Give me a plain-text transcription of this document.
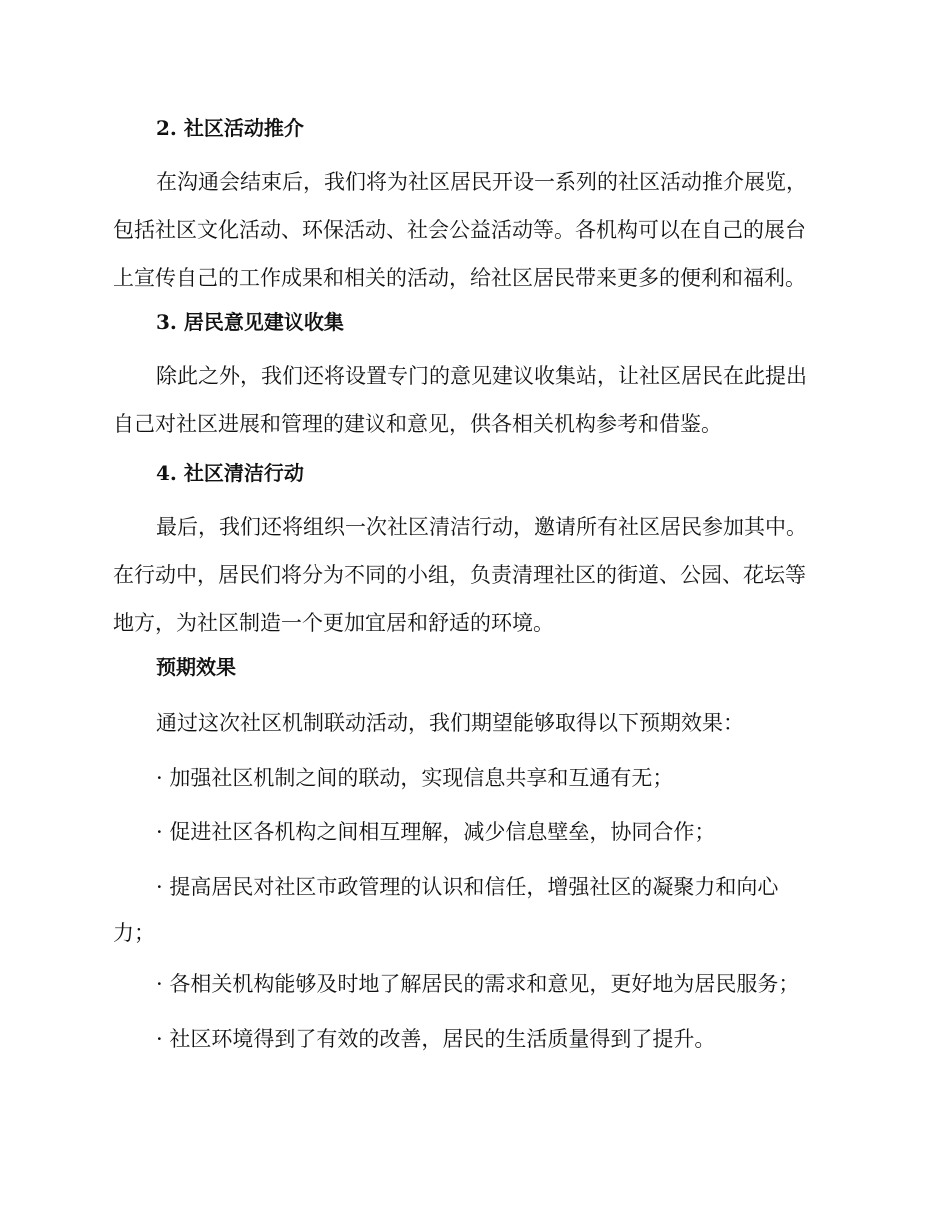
2. 社区活动推介
在沟通会结束后，我们将为社区居民开设一系列的社区活动推介展览，
包括社区文化活动、环保活动、社会公益活动等。各机构可以在自己的展台
上宣传自己的工作成果和相关的活动，给社区居民带来更多的便利和福利。
3. 居民意见建议收集
除此之外，我们还将设置专门的意见建议收集站，让社区居民在此提出
自己对社区进展和管理的建议和意见，供各相关机构参考和借鉴。
4. 社区清洁行动
最后，我们还将组织一次社区清洁行动，邀请所有社区居民参加其中。
在行动中，居民们将分为不同的小组，负责清理社区的街道、公园、花坛等
地方，为社区制造一个更加宜居和舒适的环境。
预期效果
通过这次社区机制联动活动，我们期望能够取得以下预期效果：
· 加强社区机制之间的联动，实现信息共享和互通有无；
· 促进社区各机构之间相互理解，减少信息壁垒，协同合作；
· 提高居民对社区市政管理的认识和信任，增强社区的凝聚力和向心
力；
· 各相关机构能够及时地了解居民的需求和意见，更好地为居民服务；
· 社区环境得到了有效的改善，居民的生活质量得到了提升。
